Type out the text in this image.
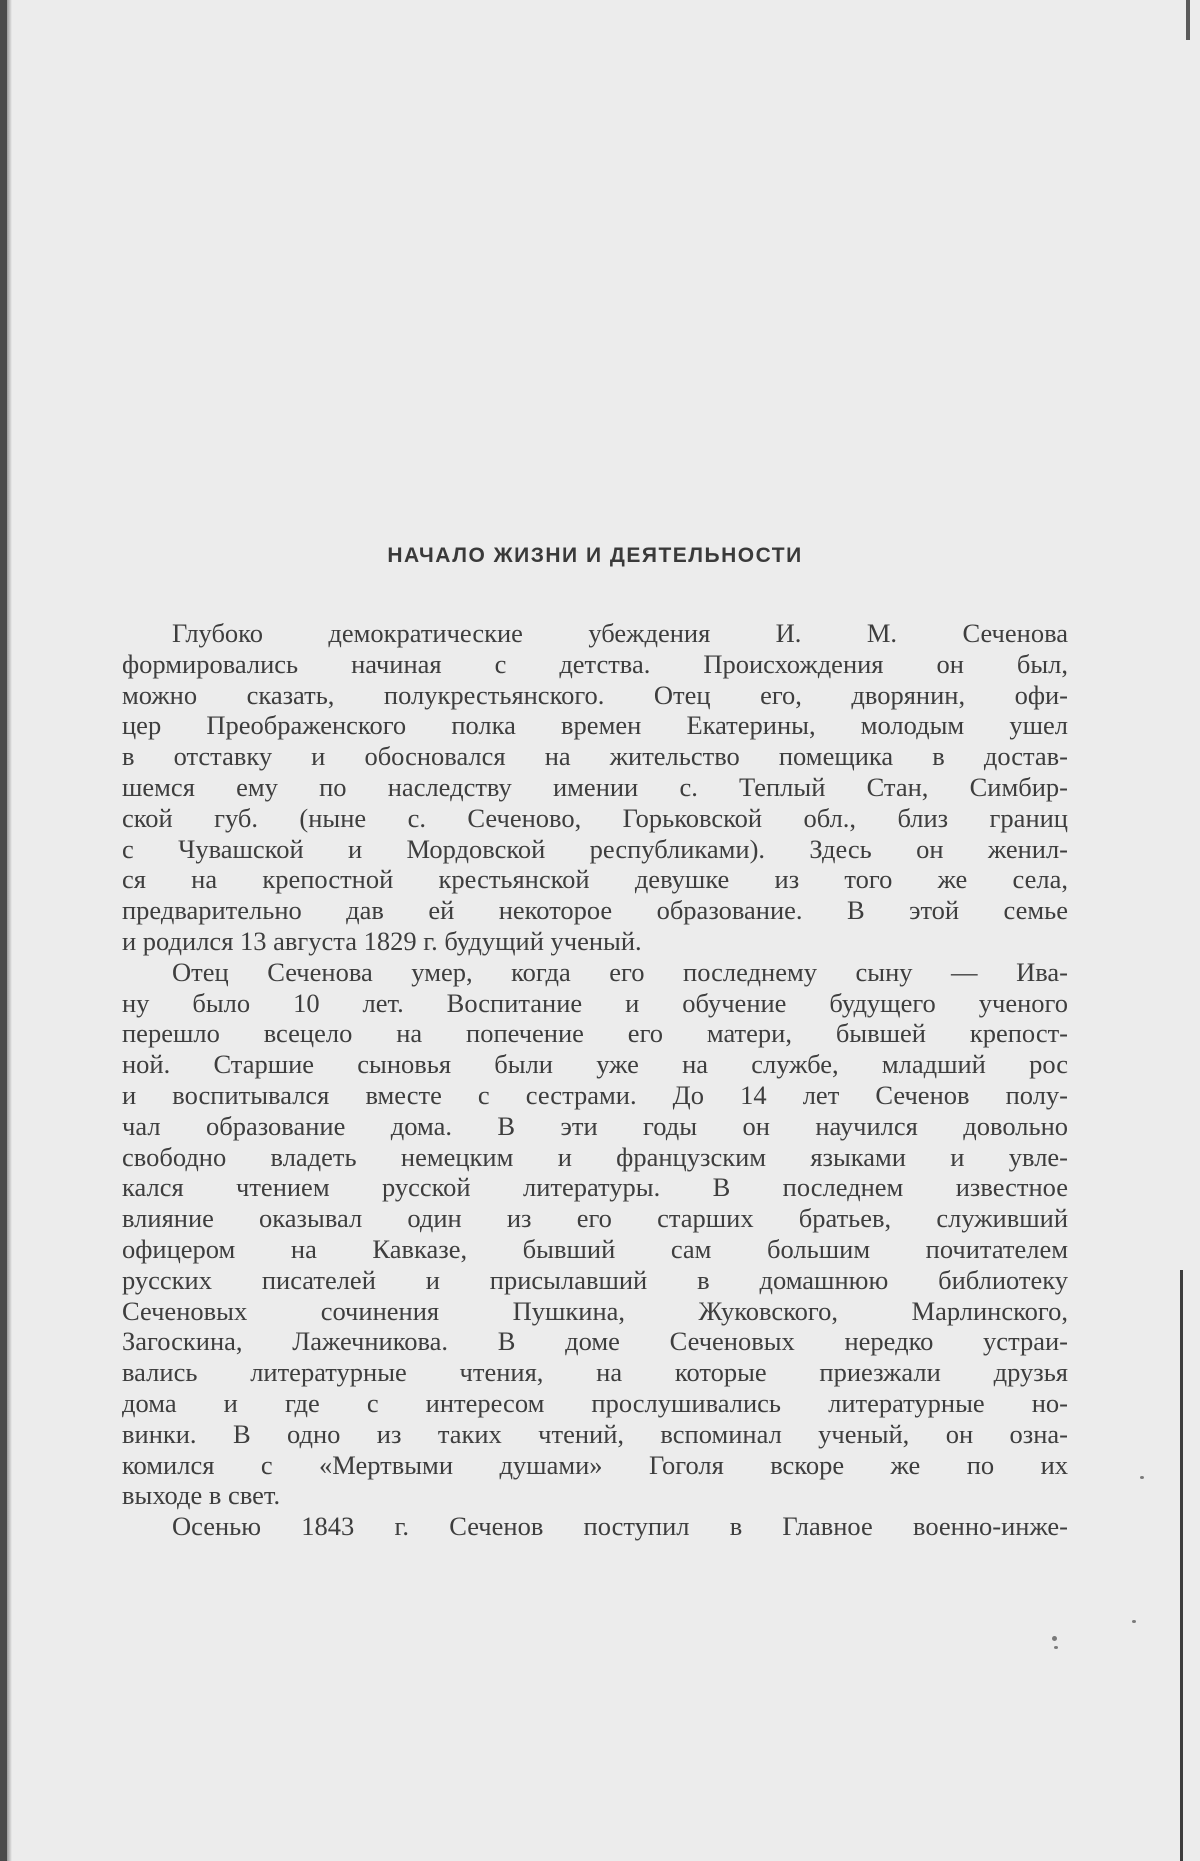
НАЧАЛО ЖИЗНИ И ДЕЯТЕЛЬНОСТИ

Глубоко демократические убеждения И. М. Сеченова
формировались начиная с детства. Происхождения он был,
можно сказать, полукрестьянского. Отец его, дворянин, офи-
цер Преображенского полка времен Екатерины, молодым ушел
в отставку и обосновался на жительство помещика в достав-
шемся ему по наследству имении с. Теплый Стан, Симбир-
ской губ. (ныне с. Сеченово, Горьковской обл., близ границ
с Чувашской и Мордовской республиками). Здесь он женил-
ся на крепостной крестьянской девушке из того же села,
предварительно дав ей некоторое образование. В этой семье
и родился 13 августа 1829 г. будущий ученый.

Отец Сеченова умер, когда его последнему сыну — Ива-
ну было 10 лет. Воспитание и обучение будущего ученого
перешло всецело на попечение его матери, бывшей крепост-
ной. Старшие сыновья были уже на службе, младший рос
и воспитывался вместе с сестрами. До 14 лет Сеченов полу-
чал образование дома. В эти годы он научился довольно
свободно владеть немецким и французским языками и увле-
кался чтением русской литературы. В последнем известное
влияние оказывал один из его старших братьев, служивший
офицером на Кавказе, бывший сам большим почитателем
русских писателей и присылавший в домашнюю библиотеку
Сеченовых сочинения Пушкина, Жуковского, Марлинского,
Загоскина, Лажечникова. В доме Сеченовых нередко устраи-
вались литературные чтения, на которые приезжали друзья
дома и где с интересом прослушивались литературные но-
винки. В одно из таких чтений, вспоминал ученый, он озна-
комился с «Мертвыми душами» Гоголя вскоре же по их
выходе в свет.

Осенью 1843 г. Сеченов поступил в Главное военно-инже-
